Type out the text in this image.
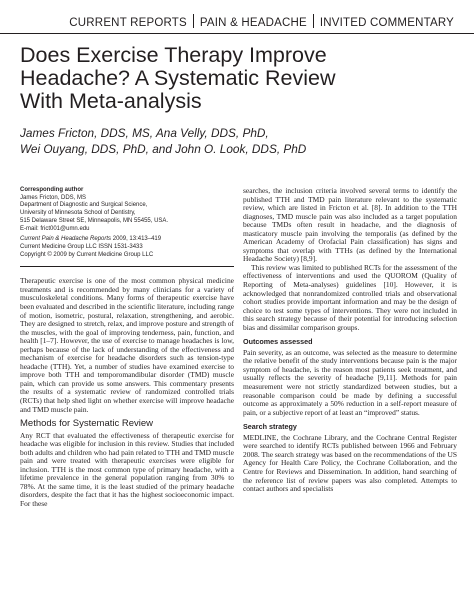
CURRENT REPORTS PAIN & HEADACHE INVITED COMMENTARY
Does Exercise Therapy Improve
Headache? A Systematic Review
With Meta-analysis
James Fricton, DDS, MS, Ana Velly, DDS, PhD,
Wei Ouyang, DDS, PhD, and John O. Look, DDS, PhD
Corresponding author
James Fricton, DDS, MS
Department of Diagnostic and Surgical Science,
University of Minnesota School of Dentistry,
515 Delaware Street SE, Minneapolis, MN 55455, USA.
E-mail: frict001@umn.edu
Current Pain & Headache Reports 2009, 13:413–419
Current Medicine Group LLC ISSN 1531-3433
Copyright © 2009 by Current Medicine Group LLC

Therapeutic exercise is one of the most common physical medicine treatments and is recommended by many clinicians for a variety of musculoskeletal conditions. Many forms of therapeutic exercise have been evaluated and described in the scientific literature, including range of motion, isometric, postural, relaxation, strengthening, and aerobic. They are designed to stretch, relax, and improve posture and strength of the muscles, with the goal of improving tenderness, pain, function, and health [1–7]. However, the use of exercise to manage headaches is low, perhaps because of the lack of understanding of the effectiveness and mechanism of exercise for headache disorders such as tension-type headache (TTH). Yet, a number of studies have examined exercise to improve both TTH and temporomandibular disorder (TMD) muscle pain, which can provide us some answers. This commentary presents the results of a systematic review of randomized controlled trials (RCTs) that help shed light on whether exercise will improve headache and TMD muscle pain.

Methods for Systematic Review

Any RCT that evaluated the effectiveness of therapeutic exercise for headache was eligible for inclusion in this review. Studies that included both adults and children who had pain related to TTH and TMD muscle pain and were treated with therapeutic exercises were eligible for inclusion. TTH is the most common type of primary headache, with a lifetime prevalence in the general population ranging from 30% to 78%. At the same time, it is the least studied of the primary headache disorders, despite the fact that it has the highest socioeconomic impact. For these

searches, the inclusion criteria involved several terms to identify the published TTH and TMD pain literature relevant to the systematic review, which are listed in Fricton et al. [8]. In addition to the TTH diagnoses, TMD muscle pain was also included as a target population because TMDs often result in headache, and the diagnosis of masticatory muscle pain involving the temporalis (as defined by the American Academy of Orofacial Pain classification) has signs and symptoms that overlap with TTHs (as defined by the International Headache Society) [8,9].

This review was limited to published RCTs for the assessment of the effectiveness of interventions and used the QUOROM (Quality of Reporting of Meta-analyses) guidelines [10]. However, it is acknowledged that nonrandomized controlled trials and observational cohort studies provide important information and may be the design of choice to test some types of interventions. They were not included in this search strategy because of their potential for introducing selection bias and dissimilar comparison groups.

Outcomes assessed

Pain severity, as an outcome, was selected as the measure to determine the relative benefit of the study interventions because pain is the major symptom of headache, is the reason most patients seek treatment, and usually reflects the severity of headache [9,11]. Methods for pain measurement were not strictly standardized between studies, but a reasonable comparison could be made by defining a successful outcome as approximately a 50% reduction in a self-report measure of pain, or a subjective report of at least an “improved” status.

Search strategy

MEDLINE, the Cochrane Library, and the Cochrane Central Register were searched to identify RCTs published between 1966 and February 2008. The search strategy was based on the recommendations of the US Agency for Health Care Policy, the Cochrane Collaboration, and the Centre for Reviews and Dissemination. In addition, hand searching of the reference list of review papers was also completed. Attempts to contact authors and specialists
